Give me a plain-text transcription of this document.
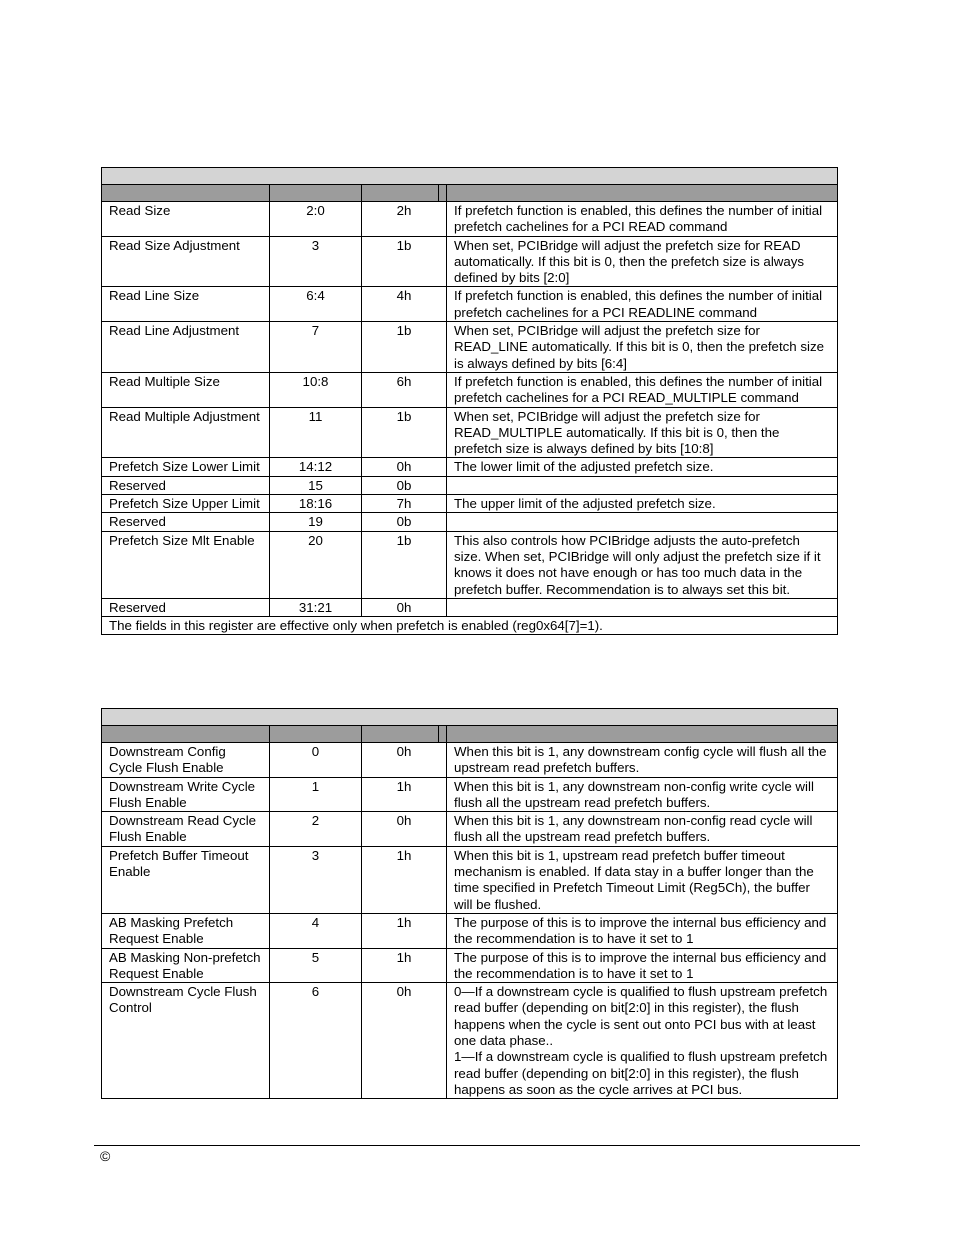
Read Size	2:0	2h		If prefetch function is enabled, this defines the number of initial prefetch cachelines for a PCI READ command

Read Size Adjustment	3	1b		When set, PCIBridge will adjust the prefetch size for READ automatically. If this bit is 0, then the prefetch size is always defined by bits [2:0]

Read Line Size	6:4	4h		If prefetch function is enabled, this defines the number of initial prefetch cachelines for a PCI READLINE command

Read Line Adjustment	7	1b		When set, PCIBridge will adjust the prefetch size for READ_LINE automatically. If this bit is 0, then the prefetch size is always defined by bits [6:4]

Read Multiple Size	10:8	6h		If prefetch function is enabled, this defines the number of initial prefetch cachelines for a PCI READ_MULTIPLE command

Read Multiple Adjustment	11	1b		When set, PCIBridge will adjust the prefetch size for READ_MULTIPLE automatically. If this bit is 0, then the prefetch size is always defined by bits [10:8]

Prefetch Size Lower Limit	14:12	0h		The lower limit of the adjusted prefetch size.

Reserved	15	0b		

Prefetch Size Upper Limit	18:16	7h		The upper limit of the adjusted prefetch size.

Reserved	19	0b		

Prefetch Size Mlt Enable	20	1b		This also controls how PCIBridge adjusts the auto-prefetch size. When set, PCIBridge will only adjust the prefetch size if it knows it does not have enough or has too much data in the prefetch buffer. Recommendation is to always set this bit.

Reserved	31:21	0h		

The fields in this register are effective only when prefetch is enabled (reg0x64[7]=1).				

Downstream Config Cycle Flush Enable	0	0h		When this bit is 1, any downstream config cycle will flush all the upstream read prefetch buffers.

Downstream Write Cycle Flush Enable	1	1h		When this bit is 1, any downstream non-config write cycle will flush all the upstream read prefetch buffers.

Downstream Read Cycle Flush Enable	2	0h		When this bit is 1, any downstream non-config read cycle will flush all the upstream read prefetch buffers.

Prefetch Buffer Timeout Enable	3	1h		When this bit is 1, upstream read prefetch buffer timeout mechanism is enabled. If data stay in a buffer longer than the time specified in Prefetch Timeout Limit (Reg5Ch), the buffer will be flushed.

AB Masking Prefetch Request Enable	4	1h		The purpose of this is to improve the internal bus efficiency and the recommendation is to have it set to 1

AB Masking Non-prefetch Request Enable	5	1h		The purpose of this is to improve the internal bus efficiency and the recommendation is to have it set to 1

Downstream Cycle Flush Control	6	0h		0—If a downstream cycle is qualified to flush upstream prefetch read buffer (depending on bit[2:0] in this register), the flush happens when the cycle is sent out onto PCI bus with at least one data phase..
1—If a downstream cycle is qualified to flush upstream prefetch read buffer (depending on bit[2:0] in this register), the flush happens as soon as the cycle arrives at PCI bus.
©
